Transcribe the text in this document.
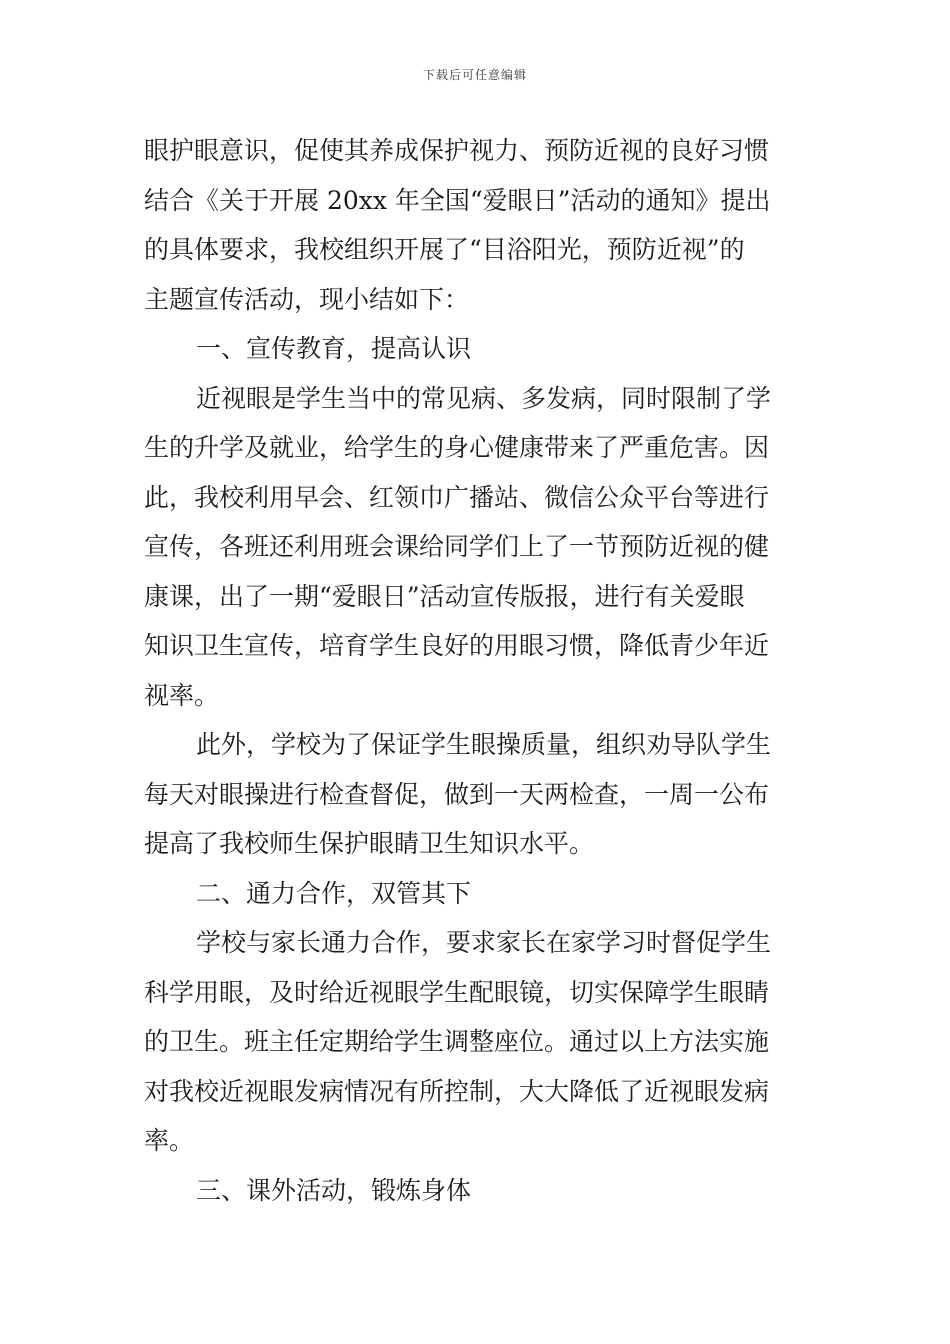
下载后可任意编辑
眼护眼意识，促使其养成保护视力、预防近视的良好习惯
结合《关于开展 20xx 年全国“爱眼日”活动的通知》提出
的具体要求，我校组织开展了“目浴阳光，预防近视”的
主题宣传活动，现小结如下：
一、宣传教育，提高认识
近视眼是学生当中的常见病、多发病，同时限制了学
生的升学及就业，给学生的身心健康带来了严重危害。因
此，我校利用早会、红领巾广播站、微信公众平台等进行
宣传，各班还利用班会课给同学们上了一节预防近视的健
康课，出了一期“爱眼日”活动宣传版报，进行有关爱眼
知识卫生宣传，培育学生良好的用眼习惯，降低青少年近
视率。
此外，学校为了保证学生眼操质量，组织劝导队学生
每天对眼操进行检查督促，做到一天两检查，一周一公布
提高了我校师生保护眼睛卫生知识水平。
二、通力合作，双管其下
学校与家长通力合作，要求家长在家学习时督促学生
科学用眼，及时给近视眼学生配眼镜，切实保障学生眼睛
的卫生。班主任定期给学生调整座位。通过以上方法实施
对我校近视眼发病情况有所控制，大大降低了近视眼发病
率。
三、课外活动，锻炼身体
